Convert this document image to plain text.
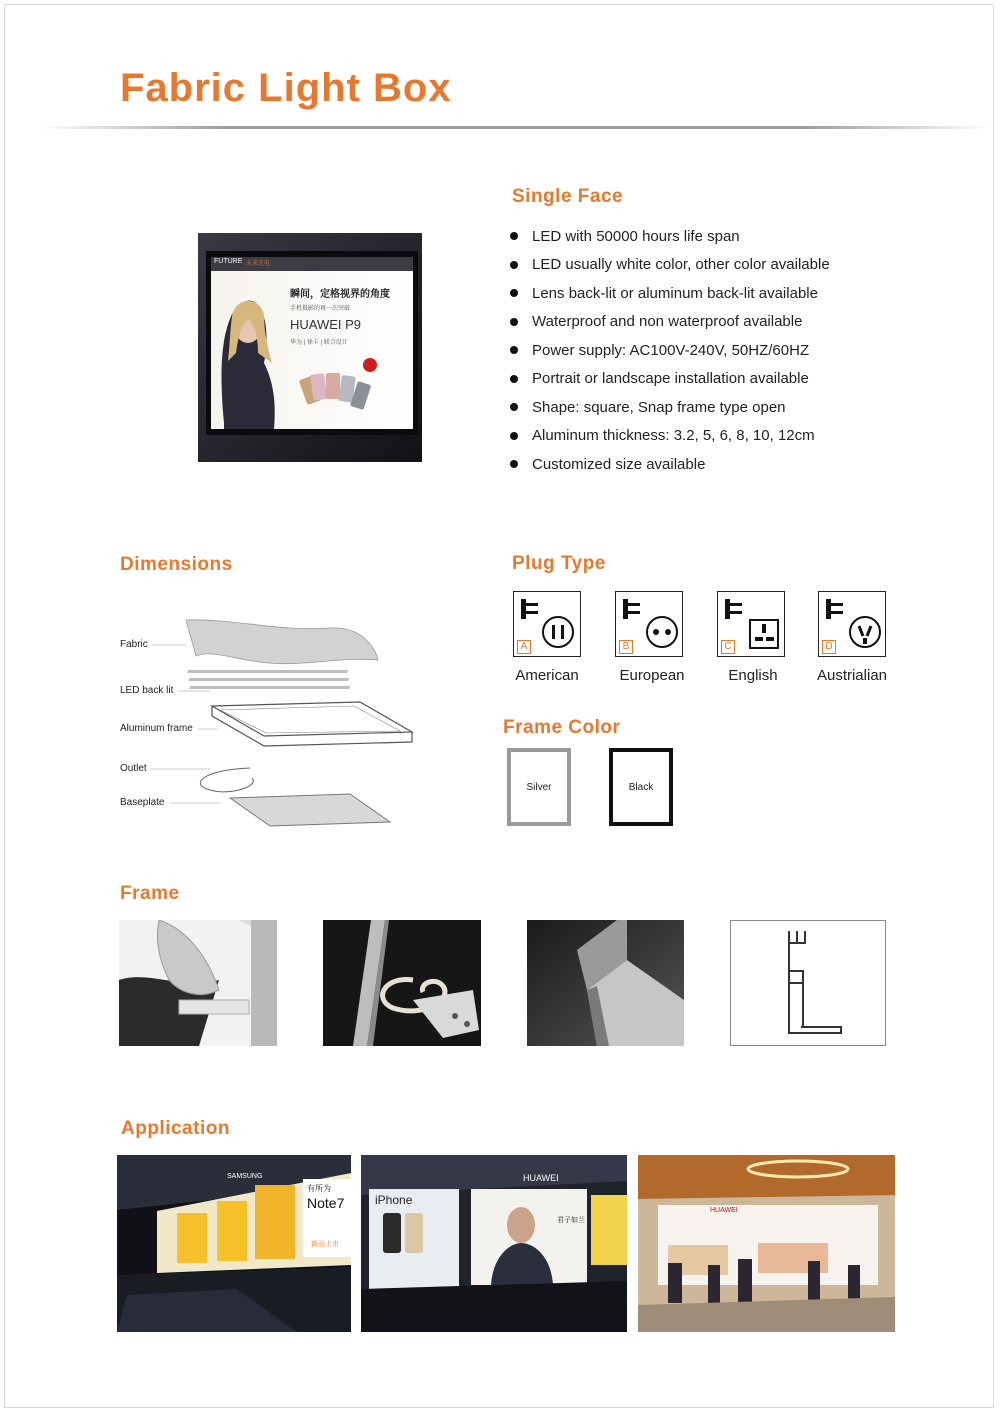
Fabric Light Box
Single Face
FUTURE 未来光电
瞬间，定格视界的角度
手机摄影的再一次突破
HUAWEI P9
华为 | 徕卡 | 联合设计
LED with 50000 hours life span
LED usually white color, other color available
Lens back-lit or aluminum back-lit available
Waterproof and non waterproof available
Power supply: AC100V-240V, 50HZ/60HZ
Portrait or landscape installation available
Shape: square, Snap frame type open
Aluminum thickness: 3.2, 5, 6, 8, 10, 12cm
Customized size available
Dimensions
Fabric
LED back lit
Aluminum frame
Outlet
Baseplate
Plug Type
A	B	C	D
American	European	English	Austrialian
Frame Color
Silver	Black
Frame
Application
SAMSUNG
有所为
Note7
新品上市
iPhone
HUAWEI
君子如兰
HUAWEI
